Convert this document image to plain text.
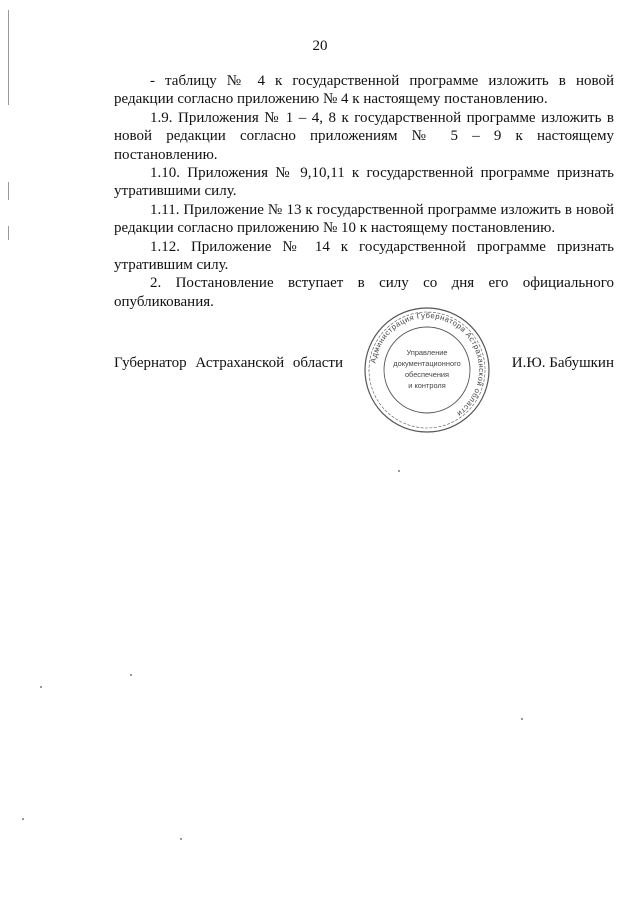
20

- таблицу № 4 к государственной программе изложить в новой редакции согласно приложению № 4 к настоящему постановлению.

1.9. Приложения № 1 – 4, 8 к государственной программе изложить в новой редакции согласно приложениям № 5 – 9 к настоящему постановлению.

1.10. Приложения № 9,10,11 к государственной программе признать утратившими силу.

1.11. Приложение № 13 к государственной программе изложить в новой редакции согласно приложению № 10 к настоящему постановлению.

1.12. Приложение № 14 к государственной программе признать утратившим силу.

2. Постановление вступает в силу со дня его официального опубликования.

Губернатор Астраханской области	И.Ю. Бабушкин
Администрация Губернатора Астраханской области
Управление
документационного
обеспечения
и контроля
